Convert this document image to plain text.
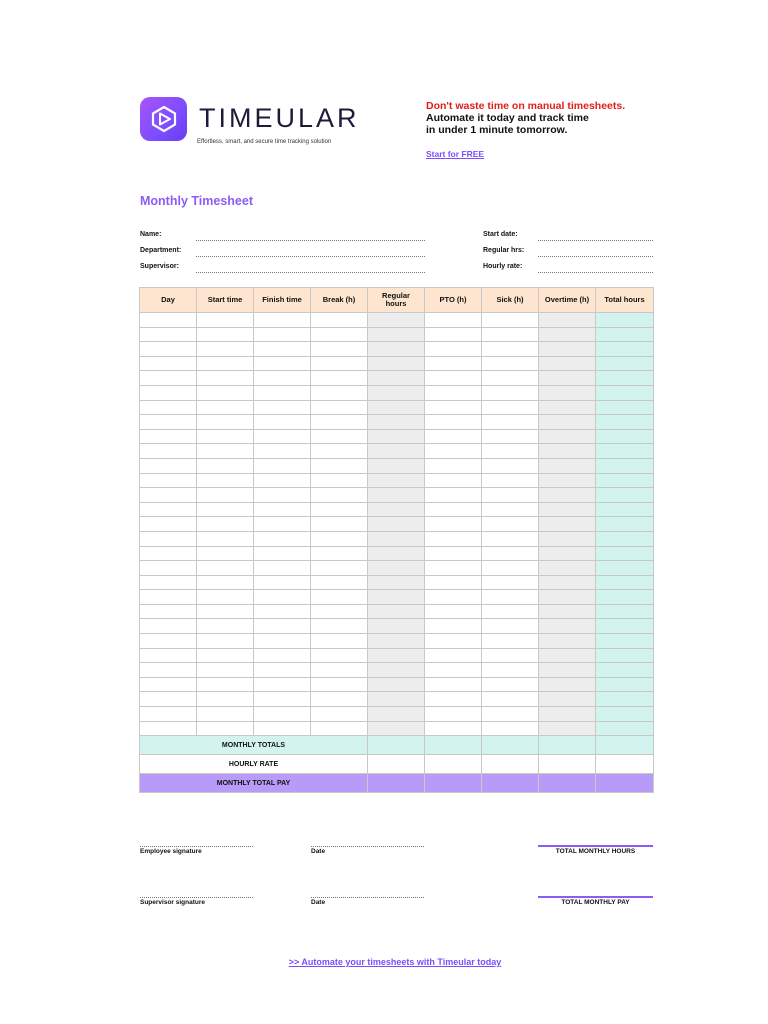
TIMEULAR
Effortless, smart, and secure time tracking solution
Don't waste time on manual timesheets.
Automate it today and track time
in under 1 minute tomorrow.
Start for FREE
Monthly Timesheet
Name:
Department:
Supervisor:
Start date:
Regular hrs:
Hourly rate:
Day	Start time	Finish time	Break (h)	Regular hours	PTO (h)	Sick (h)	Overtime (h)	Total hours

MONTHLY TOTALS								
HOURLY RATE								
MONTHLY TOTAL PAY								
Employee signature	Date	TOTAL MONTHLY HOURS
Supervisor signature	Date	TOTAL MONTHLY PAY
>> Automate your timesheets with Timeular today
